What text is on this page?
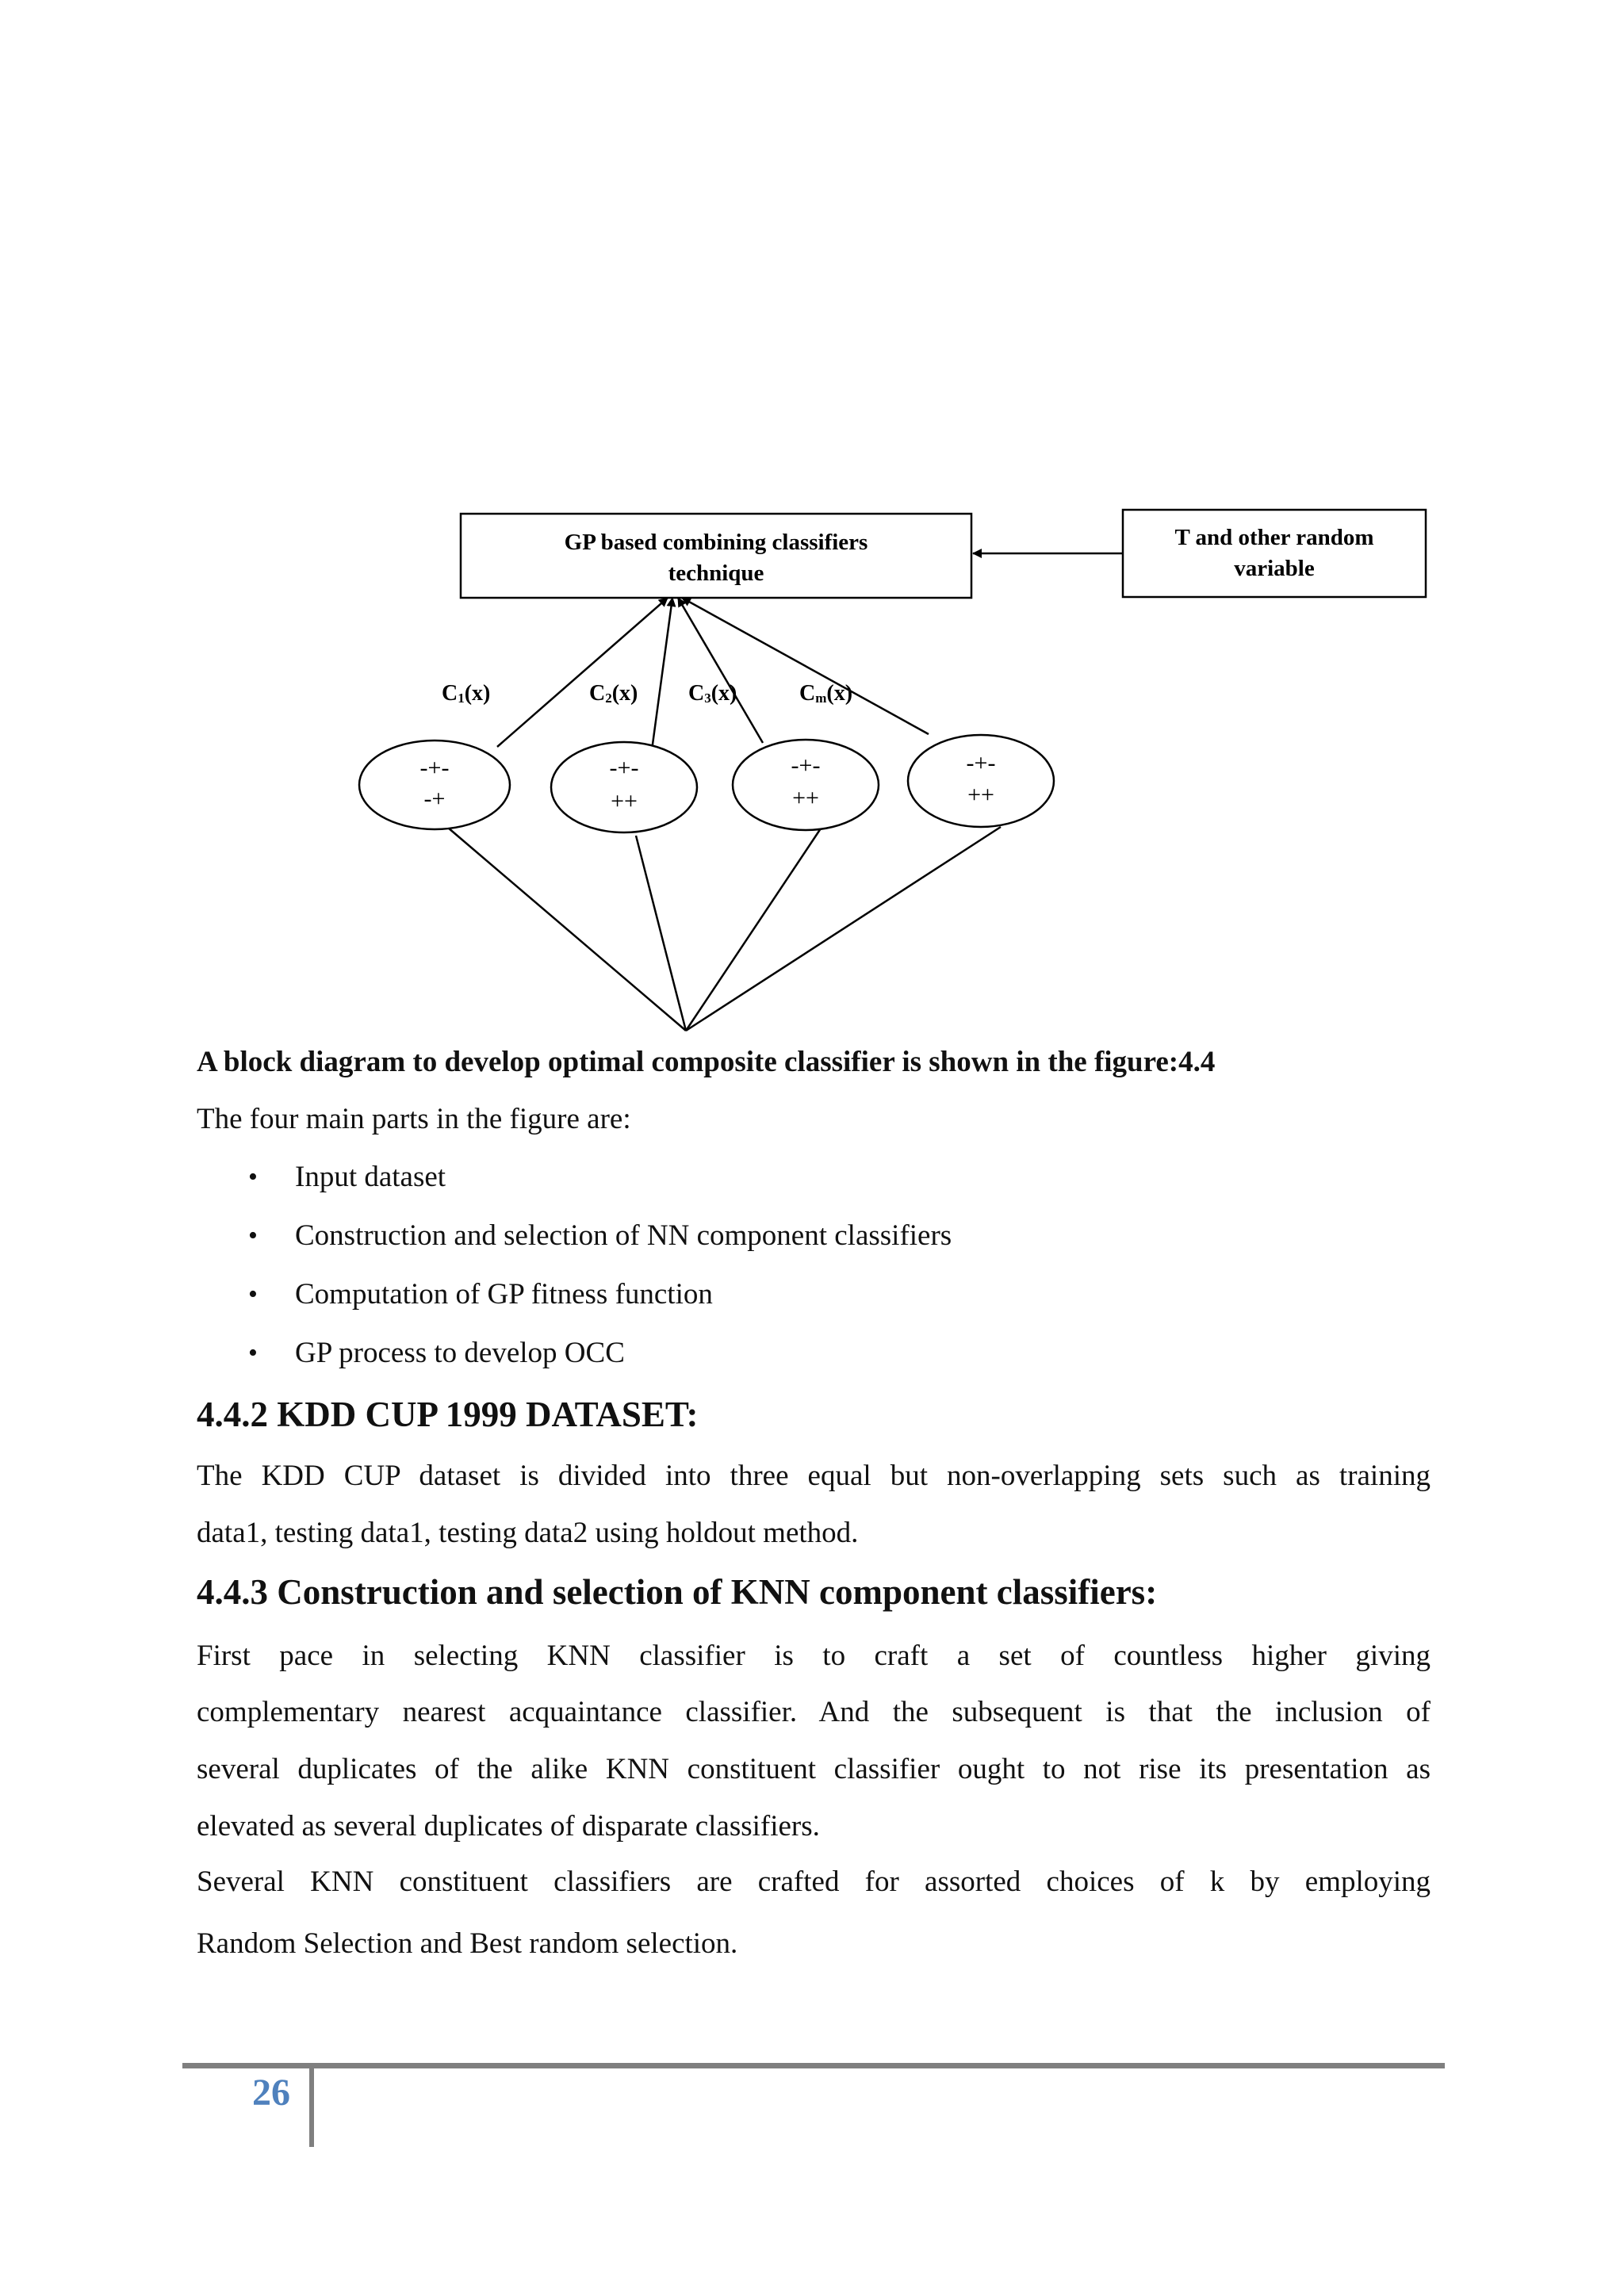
GP based combining classifiers
technique
T and other random
variable
C1(x)	C2(x) C3(x)	Cm(x)
-+-
-+
-+-
++
-+-
++
-+-
++
A block diagram to develop optimal composite classifier is shown in the figure:4.4
The four main parts in the figure are:
• Input dataset
• Construction and selection of NN component classifiers
• Computation of GP fitness function
• GP process to develop OCC
4.4.2 KDD CUP 1999 DATASET:
The KDD CUP dataset is divided into three equal but non-overlapping sets such as training
data1, testing data1, testing data2 using holdout method.
4.4.3 Construction and selection of KNN component classifiers:
First pace in selecting KNN classifier is to craft a set of countless higher giving
complementary nearest acquaintance classifier. And the subsequent is that the inclusion of
several duplicates of the alike KNN constituent classifier ought to not rise its presentation as
elevated as several duplicates of disparate classifiers.
Several KNN constituent classifiers are crafted for assorted choices of k by employing
Random Selection and Best random selection.
26
